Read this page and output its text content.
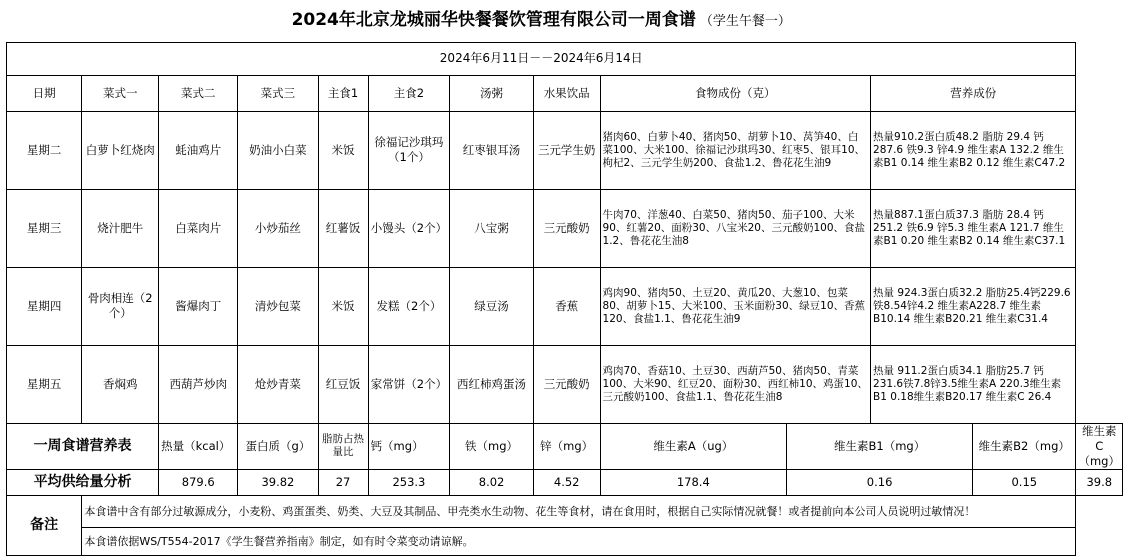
2024年北京龙城丽华快餐餐饮管理有限公司一周食谱 （学生午餐一）												
2024年6月11日－－2024年6月14日												
日期	菜式一	菜式二	菜式三	主食1	主食2	汤粥	水果饮品	食物成份（克）		营养成份		
星期二	白萝卜红烧肉	蚝油鸡片	奶油小白菜	米饭	徐福记沙琪玛（1个）	红枣银耳汤	三元学生奶	猪肉60、白萝卜40、猪肉50、胡萝卜10、莴笋40、白菜100、大米100、徐福记沙琪玛30、红枣5、银耳10、枸杞2、三元学生奶200、食盐1.2、鲁花花生油9		热量910.2蛋白质48.2 脂肪 29.4 钙287.6 铁9.3 锌4.9 维生素A 132.2 维生素B1 0.14 维生素B2 0.12 维生素C47.2		
星期三	烧汁肥牛	白菜肉片	小炒茄丝	红薯饭	小馒头（2个）	八宝粥	三元酸奶	牛肉70、洋葱40、白菜50、猪肉50、茄子100、大米90、红薯20、面粉30、八宝米20、三元酸奶100、食盐1.2、鲁花花生油8		热量887.1蛋白质37.3 脂肪 28.4 钙251.2 铁6.9 锌5.3 维生素A 121.7 维生素B1 0.20 维生素B2 0.14 维生素C37.1		
星期四	骨肉相连（2个）	酱爆肉丁	清炒包菜	米饭	发糕（2个）	绿豆汤	香蕉	鸡肉90、猪肉50、土豆20、黄瓜20、大葱10、包菜80、胡萝卜15、大米100、玉米面粉30、绿豆10、香蕉120、食盐1.1、鲁花花生油9		热量 924.3蛋白质32.2 脂肪25.4钙229.6铁8.54锌4.2 维生素A228.7 维生素B10.14 维生素B20.21 维生素C31.4		
星期五	香焖鸡	西葫芦炒肉	炝炒青菜	红豆饭	家常饼（2个）	西红柿鸡蛋汤	三元酸奶	鸡肉70、香菇10、土豆30、西葫芦50、猪肉50、青菜100、大米90、红豆20、面粉30、西红柿10、鸡蛋10、三元酸奶100、食盐1.1、鲁花花生油8		热量 911.2蛋白质34.1 脂肪25.7 钙231.6铁7.8锌3.5维生素A 220.3维生素B1 0.18维生素B20.17 维生素C 26.4		
一周食谱营养表		热量（kcal）	蛋白质（g）	脂肪占热量比	钙（mg）	铁（mg）	锌（mg）	维生素A（ug）	维生素B1（mg）		维生素B2（mg）	维生素C（mg）
平均供给量分析		879.6	39.82	27	253.3	8.02	4.52	178.4	0.16		0.15	39.8
备注	本食谱中含有部分过敏源成分，小麦粉、鸡蛋蛋类、奶类、大豆及其制品、甲壳类水生动物、花生等食材，请在食用时，根据自己实际情况就餐！或者提前向本公司人员说明过敏情况！											
	本食谱依据WS/T554-2017《学生餐营养指南》制定，如有时令菜变动请谅解。											
